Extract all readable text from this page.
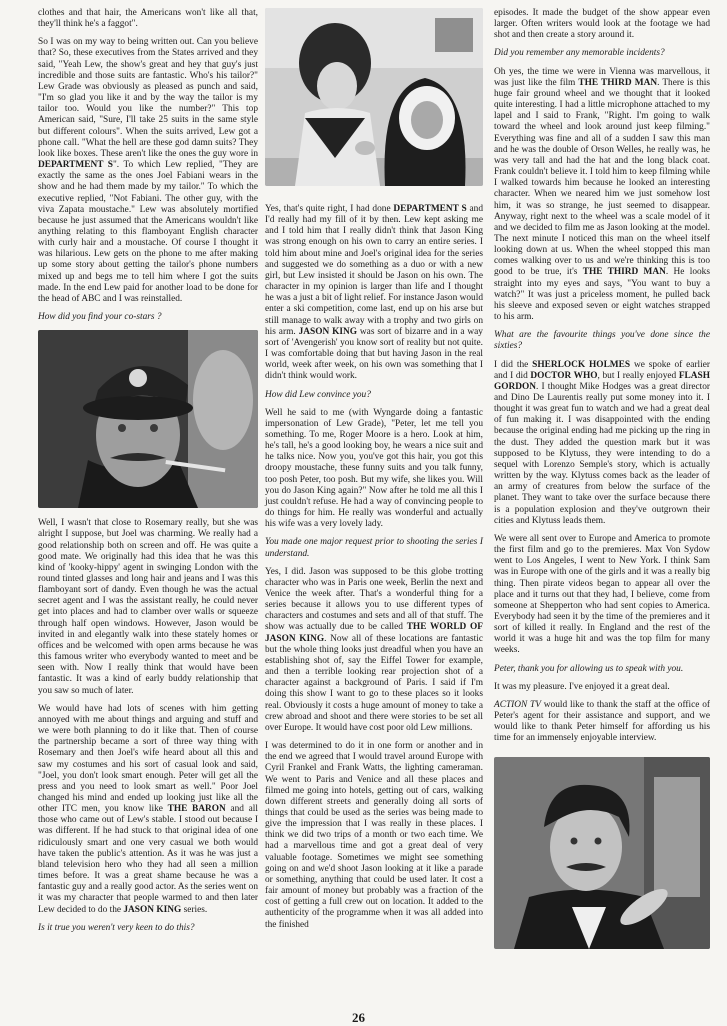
clothes and that hair, the Americans won't like all that, they'll think he's a faggot".

So I was on my way to being written out. Can you believe that? So, these executives from the States arrived and they said, "Yeah Lew, the show's great and hey that guy's just incredible and those suits are fantastic. Who's his tailor?" Lew Grade was obviously as pleased as punch and said, "I'm so glad you like it and by the way the tailor is my tailor too. Would you like the number?" This top American said, "Sure, I'll take 25 suits in the same style but different colours". When the suits arrived, Lew got a phone call. "What the hell are these god damn suits? They look like boxes. These aren't like the ones the guy wore in DEPARTMENT S". To which Lew replied, "They are exactly the same as the ones Joel Fabiani wears in the show and he had them made by my tailor." To which the executive replied, "Not Fabiani. The other guy, with the viva Zapata moustache." Lew was absolutely mortified because he just assumed that the Americans wouldn't like anything relating to this flamboyant English character with curly hair and a moustache. Of course I thought it was hilarious. Lew gets on the phone to me after making up some story about getting the tailor's phone numbers mixed up and begs me to tell him where I got the suits made. In the end Lew paid for another load to be done for the head of ABC and I was reinstalled.

How did you find your co-stars ?

Well, I wasn't that close to Rosemary really, but she was alright I suppose, but Joel was charming. We really had a good relationship both on screen and off. He was quite a good mate. We originally had this idea that he was this kind of 'kooky-hippy' agent in swinging London with the round tinted glasses and long hair and jeans and I was this flamboyant sort of dandy. Even though he was the actual secret agent and I was the assistant really, he could never get into places and had to clamber over walls or squeeze through half open windows. However, Jason would be invited in and elegantly walk into these stately homes or offices and be welcomed with open arms because he was this famous writer who everybody wanted to meet and be seen with. Now I really think that would have been fantastic. It was a kind of early buddy relationship that you saw so much of later.

We would have had lots of scenes with him getting annoyed with me about things and arguing and stuff and we were both planning to do it like that. Then of course the partnership became a sort of three way thing with Rosemary and then Joel's wife heard about all this and saw my costumes and his sort of casual look and said, "Joel, you don't look smart enough. Peter will get all the press and you need to look smart as well." Poor Joel changed his mind and ended up looking just like all the other ITC men, you know like THE BARON and all those who came out of Lew's stable. I stood out because I was different. If he had stuck to that original idea of one ridiculously smart and one very casual we both would have taken the public's attention. As it was he was just a bland television hero who they had all seen a million times before. It was a great shame because he was a fantastic guy and a really good actor. As the series went on it was my character that people warmed to and then later Lew decided to do the JASON KING series.

Is it true you weren't very keen to do this?

Yes, that's quite right, I had done DEPARTMENT S and I'd really had my fill of it by then. Lew kept asking me and I told him that I really didn't think that Jason King was strong enough on his own to carry an entire series. I told him about mine and Joel's original idea for the series and suggested we do something as a duo or with a new girl, but Lew insisted it should be Jason on his own. The character in my opinion is larger than life and I thought he was a just a bit of light relief. For instance Jason would enter a ski competition, come last, end up on his arse but still manage to walk away with a trophy and two girls on his arm. JASON KING was sort of bizarre and in a way sort of 'Avengerish' you know sort of reality but not quite. I was comfortable doing that but having Jason in the real world, week after week, on his own was something that I didn't think would work.

How did Lew convince you?

Well he said to me (with Wyngarde doing a fantastic impersonation of Lew Grade), "Peter, let me tell you something. To me, Roger Moore is a hero. Look at him, he's tall, he's a good looking boy, he wears a nice suit and he talks nice. Now you, you've got this hair, you got this droopy moustache, these funny suits and you talk funny, too posh Peter, too posh. But my wife, she likes you. Will you do Jason King again?" Now after he told me all this I just couldn't refuse. He had a way of convincing people to do things for him. He really was wonderful and actually his wife was a very lovely lady.

You made one major request prior to shooting the series I understand.

Yes, I did. Jason was supposed to be this globe trotting character who was in Paris one week, Berlin the next and Venice the week after. That's a wonderful thing for a series because it allows you to use different types of characters and costumes and sets and all of that stuff. The show was actually due to be called THE WORLD OF JASON KING. Now all of these locations are fantastic but the whole thing looks just dreadful when you have an establishing shot of, say the Eiffel Tower for example, and then a terrible looking rear projection shot of a character against a background of Paris. I said if I'm doing this show I want to go to these places so it looks real. Obviously it costs a huge amount of money to take a crew abroad and shoot and there were stories to be set all over Europe. It would have cost poor old Lew millions.

I was determined to do it in one form or another and in the end we agreed that I would travel around Europe with Cyril Frankel and Frank Watts, the lighting cameraman. We went to Paris and Venice and all these places and filmed me going into hotels, getting out of cars, walking down different streets and generally doing all sorts of things that could be used as the series was being made to give the impression that I was really in these places. I think we did two trips of a month or two each time. We had a marvellous time and got a great deal of very valuable footage. Sometimes we might see something going on and we'd shoot Jason looking at it like a parade or something, anything that could be used later. It cost a fair amount of money but probably was a fraction of the cost of getting a full crew out on location. It added to the authenticity of the programme when it was all added into the finished

episodes. It made the budget of the show appear even larger. Often writers would look at the footage we had shot and then create a story around it.

Did you remember any memorable incidents?

Oh yes, the time we were in Vienna was marvellous, it was just like the film THE THIRD MAN. There is this huge fair ground wheel and we thought that it looked quite interesting. I had a little microphone attached to my lapel and I said to Frank, "Right. I'm going to walk toward the wheel and look around just keep filming." Everything was fine and all of a sudden I saw this man and he was the double of Orson Welles, he really was, he was very tall and had the hat and the long black coat. Frank couldn't believe it. I told him to keep filming while I walked towards him because he looked an interesting character. When we neared him we just somehow lost him, it was so strange, he just seemed to disappear. Anyway, right next to the wheel was a scale model of it and we decided to film me as Jason looking at the model. The next minute I noticed this man on the wheel itself looking down at us. When the wheel stopped this man comes walking over to us and we're thinking this is too good to be true, it's THE THIRD MAN. He looks straight into my eyes and says, "You want to buy a watch?" It was just a priceless moment, he pulled back his sleeve and exposed seven or eight watches strapped to his arm.

What are the favourite things you've done since the sixties?

I did the SHERLOCK HOLMES we spoke of earlier and I did DOCTOR WHO, but I really enjoyed FLASH GORDON. I thought Mike Hodges was a great director and Dino De Laurentis really put some money into it. I thought it was great fun to watch and we had a great deal of fun making it. I was disappointed with the ending because the original ending had me picking up the ring in the dust. They added the question mark but it was supposed to be Klytuss, they were intending to do a sequel with Lorenzo Semple's story, which is actually written by the way. Klytuss comes back as the leader of an army of creatures from below the surface of the planet. They want to take over the surface because there is a population explosion and they've outgrown their cities and Klytuss leads them.

We were all sent over to Europe and America to promote the first film and go to the premieres. Max Von Sydow went to Los Angeles, I went to New York. I think Sam was in Europe with one of the girls and it was a really big thing. Then pirate videos began to appear all over the place and it turns out that they had, I believe, come from someone at Shepperton who had sent copies to America. Everybody had seen it by the time of the premieres and it sort of killed it really. In England and the rest of the world it was a huge hit and was the top film for many weeks.

Peter, thank you for allowing us to speak with you.

It was my pleasure. I've enjoyed it a great deal.

ACTION TV would like to thank the staff at the office of Peter's agent for their assistance and support, and we would like to thank Peter himself for affording us his time for an immensely enjoyable interview.

26
